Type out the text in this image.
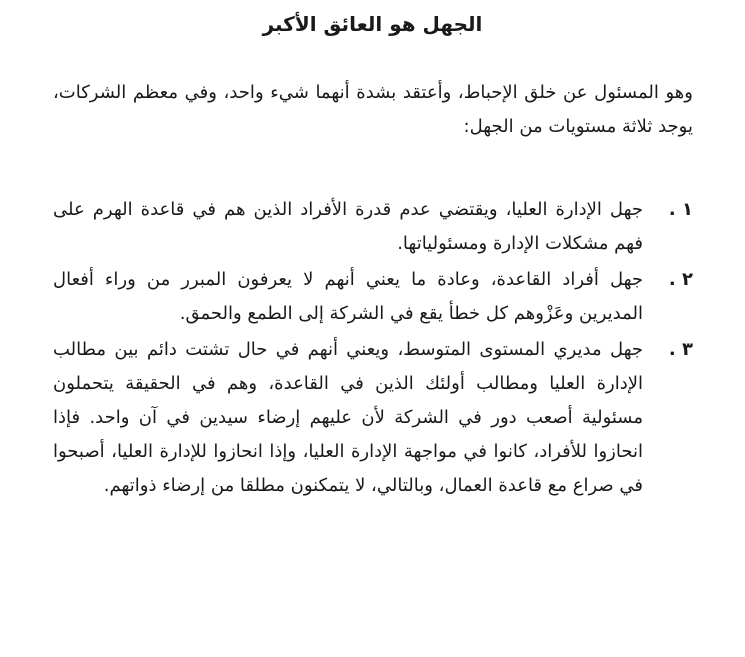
الجهل هو العائق الأكبر

وهو المسئول عن خلق الإحباط، وأعتقد بشدة أنهما شيء واحد، وفي معظم الشركات، يوجد ثلاثة مستويات من الجهل:

١ .
جهل الإدارة العليا، ويقتضي عدم قدرة الأفراد الذين هم في قاعدة الهرم على فهم مشكلات الإدارة ومسئولياتها.
٢ .
جهل أفراد القاعدة، وعادة ما يعني أنهم لا يعرفون المبرر من وراء أفعال المديرين وعَزْوهم كل خطأ يقع في الشركة إلى الطمع والحمق.
٣ .
جهل مديري المستوى المتوسط، ويعني أنهم في حال تشتت دائم بين مطالب الإدارة العليا ومطالب أولئك الذين في القاعدة، وهم في الحقيقة يتحملون مسئولية أصعب دور في الشركة لأن عليهم إرضاء سيدين في آن واحد. فإذا انحازوا للأفراد، كانوا في مواجهة الإدارة العليا، وإذا انحازوا للإدارة العليا، أصبحوا في صراع مع قاعدة العمال، وبالتالي، لا يتمكنون مطلقا من إرضاء ذواتهم.
